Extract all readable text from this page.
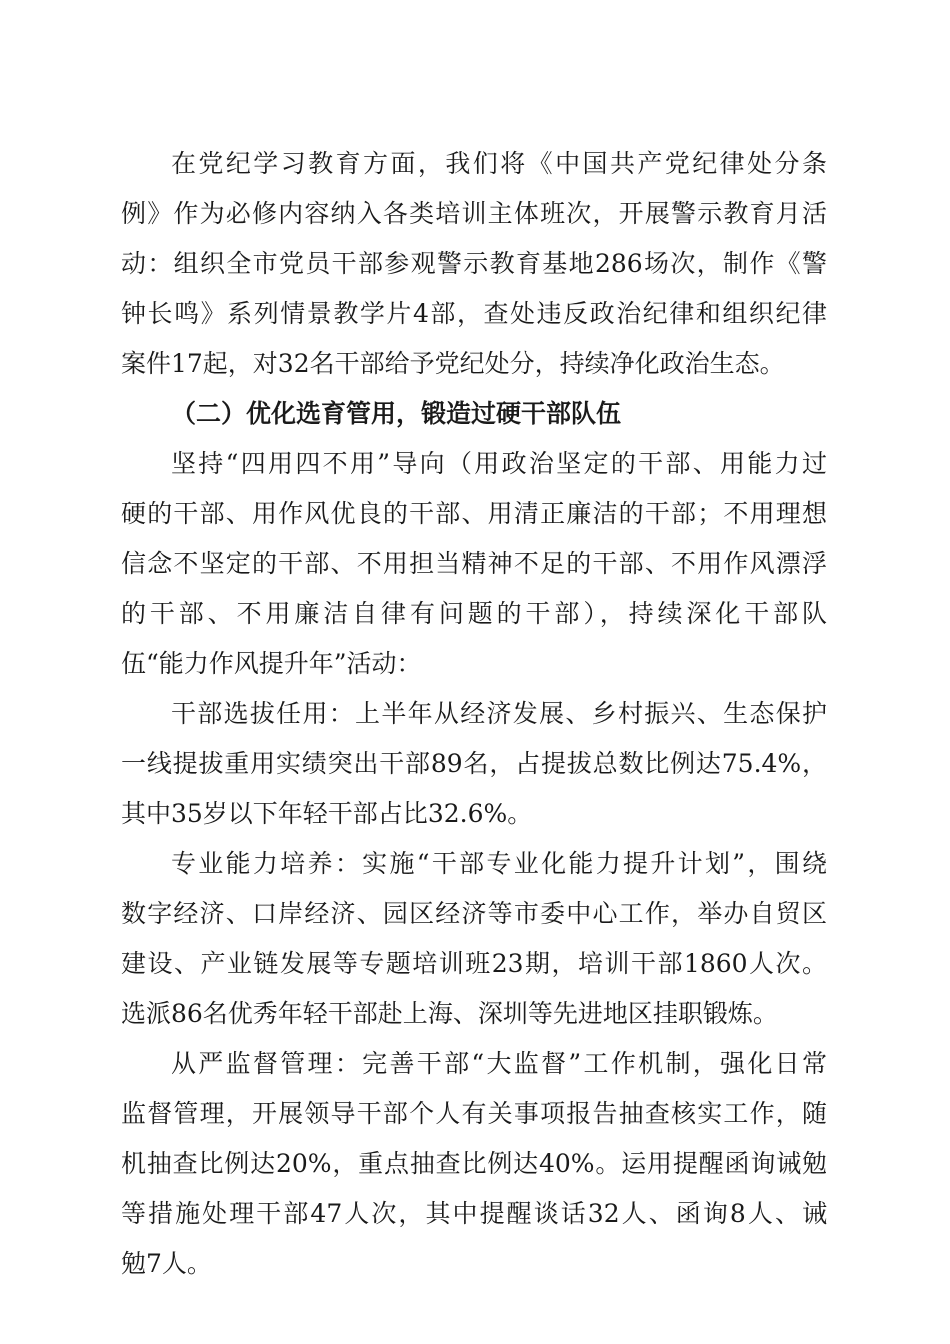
在党纪学习教育方面，我们将《中国共产党纪律处分条
例》作为必修内容纳入各类培训主体班次，开展警示教育月活
动：组织全市党员干部参观警示教育基地286场次，制作《警
钟长鸣》系列情景教学片4部，查处违反政治纪律和组织纪律
案件17起，对32名干部给予党纪处分，持续净化政治生态。
（二）优化选育管用，锻造过硬干部队伍
坚持“四用四不用”导向（用政治坚定的干部、用能力过
硬的干部、用作风优良的干部、用清正廉洁的干部；不用理想
信念不坚定的干部、不用担当精神不足的干部、不用作风漂浮
的干部、不用廉洁自律有问题的干部），持续深化干部队
伍“能力作风提升年”活动：
干部选拔任用：上半年从经济发展、乡村振兴、生态保护
一线提拔重用实绩突出干部89名，占提拔总数比例达75.4%，
其中35岁以下年轻干部占比32.6%。
专业能力培养：实施“干部专业化能力提升计划”，围绕
数字经济、口岸经济、园区经济等市委中心工作，举办自贸区
建设、产业链发展等专题培训班23期，培训干部1860人次。
选派86名优秀年轻干部赴上海、深圳等先进地区挂职锻炼。
从严监督管理：完善干部“大监督”工作机制，强化日常
监督管理，开展领导干部个人有关事项报告抽查核实工作，随
机抽查比例达20%，重点抽查比例达40%。运用提醒函询诫勉
等措施处理干部47人次，其中提醒谈话32人、函询8人、诫
勉7人。
